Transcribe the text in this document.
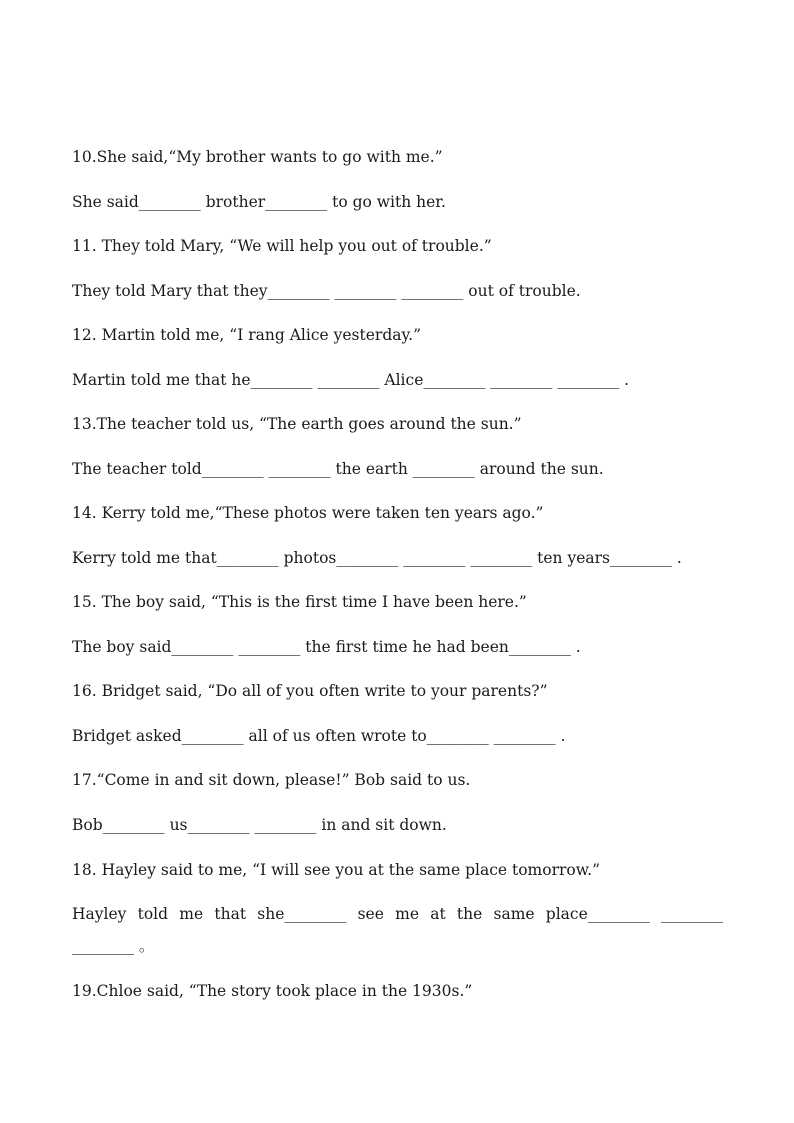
10.She said,“My brother wants to go with me.”
She said________ brother________ to go with her.
11. They told Mary, “We will help you out of trouble.”
They told Mary that they________ ________ ________ out of trouble.
12. Martin told me, “I rang Alice yesterday.”
Martin told me that he________ ________ Alice________ ________ ________ .
13.The teacher told us, “The earth goes around the sun.”
The teacher told________ ________ the earth ________ around the sun.
14. Kerry told me,“These photos were taken ten years ago.”
Kerry told me that________ photos________ ________ ________ ten years________ .
15. The boy said, “This is the first time I have been here.”
The boy said________ ________ the first time he had been________ .
16. Bridget said, “Do all of you often write to your parents?”
Bridget asked________ all of us often wrote to________ ________ .
17.“Come in and sit down, please!” Bob said to us.
Bob________ us________ ________ in and sit down.
18. Hayley said to me, “I will see you at the same place tomorrow.”
Hayley told me that she________ see me at the same place________ ________
________ 。
19.Chloe said, “The story took place in the 1930s.”
